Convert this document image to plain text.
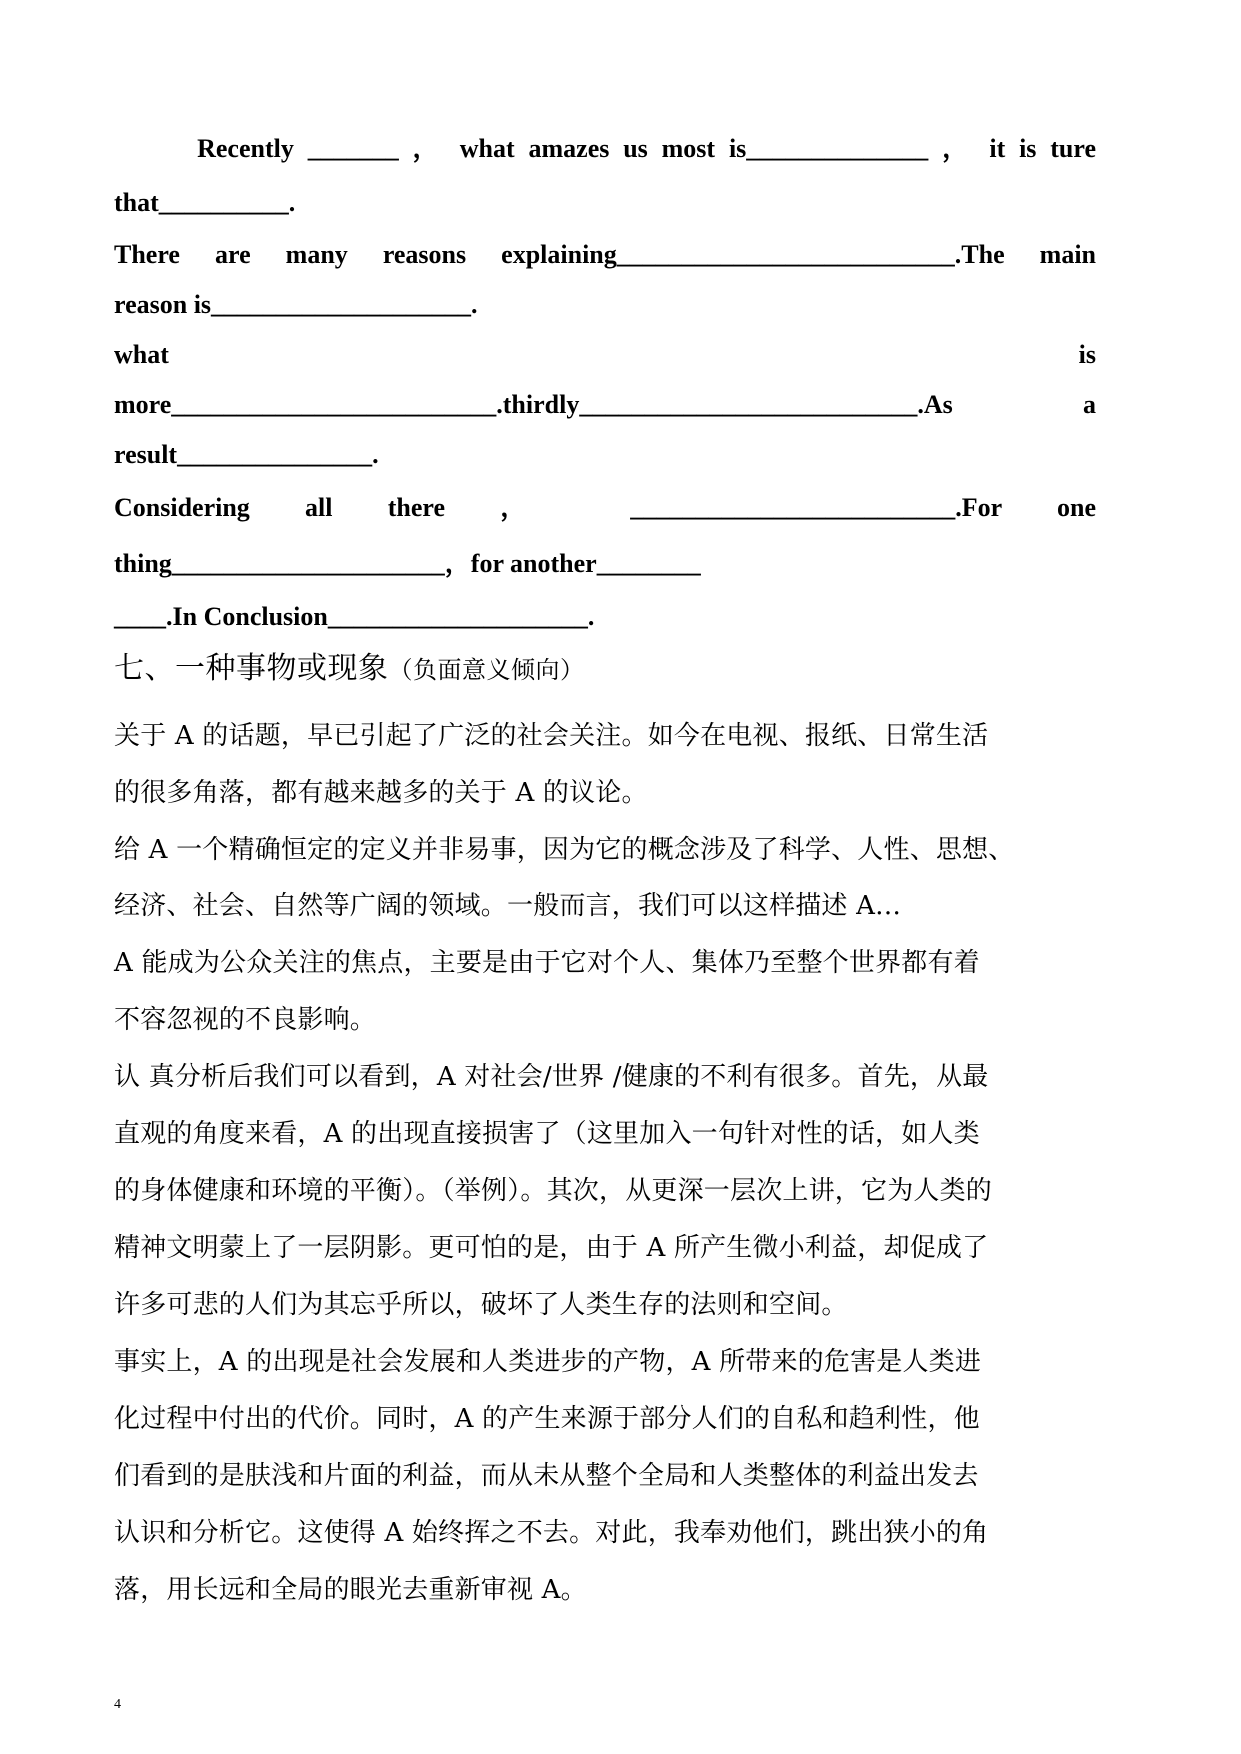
Recently _______ ， what amazes us most is______________ ， it is ture
that__________.
There are many reasons explaining__________________________.The main
reason is____________________.
what is
more_________________________.thirdly__________________________.As a
result_______________.
Considering all there ， _________________________.For one
thing_____________________，for another________
____.In Conclusion____________________.
七、一种事物或现象（负面意义倾向）
关于 A 的话题，早已引起了广泛的社会关注。如今在电视、报纸、日常生活
的很多角落，都有越来越多的关于 A 的议论。
给 A 一个精确恒定的定义并非易事，因为它的概念涉及了科学、人性、思想、
经济、社会、自然等广阔的领域。一般而言，我们可以这样描述 A…
A 能成为公众关注的焦点，主要是由于它对个人、集体乃至整个世界都有着
不容忽视的不良影响。
认 真分析后我们可以看到，A 对社会/世界 /健康的不利有很多。首先，从最
直观的角度来看，A 的出现直接损害了（这里加入一句针对性的话，如人类
的身体健康和环境的平衡）。（举例）。其次，从更深一层次上讲，它为人类的
精神文明蒙上了一层阴影。更可怕的是，由于 A 所产生微小利益，却促成了
许多可悲的人们为其忘乎所以，破坏了人类生存的法则和空间。
事实上，A 的出现是社会发展和人类进步的产物，A 所带来的危害是人类进
化过程中付出的代价。同时，A 的产生来源于部分人们的自私和趋利性，他
们看到的是肤浅和片面的利益，而从未从整个全局和人类整体的利益出发去
认识和分析它。这使得 A 始终挥之不去。对此，我奉劝他们，跳出狭小的角
落，用长远和全局的眼光去重新审视 A。
4
